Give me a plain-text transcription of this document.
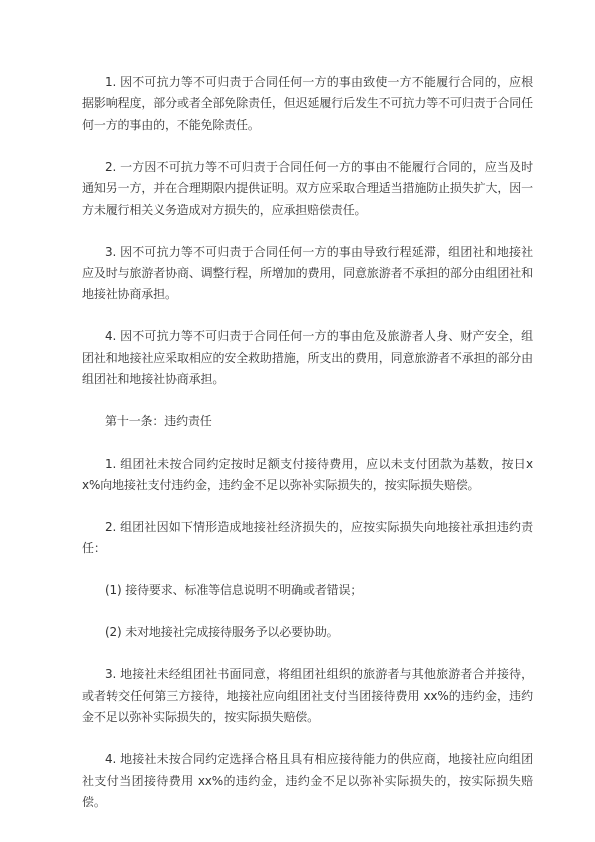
1. 因不可抗力等不可归责于合同任何一方的事由致使一方不能履行合同的，应根据影响程度，部分或者全部免除责任，但迟延履行后发生不可抗力等不可归责于合同任何一方的事由的，不能免除责任。

2. 一方因不可抗力等不可归责于合同任何一方的事由不能履行合同的，应当及时通知另一方，并在合理期限内提供证明。双方应采取合理适当措施防止损失扩大，因一方未履行相关义务造成对方损失的，应承担赔偿责任。

3. 因不可抗力等不可归责于合同任何一方的事由导致行程延滞，组团社和地接社应及时与旅游者协商、调整行程，所增加的费用，同意旅游者不承担的部分由组团社和地接社协商承担。

4. 因不可抗力等不可归责于合同任何一方的事由危及旅游者人身、财产安全，组团社和地接社应采取相应的安全救助措施，所支出的费用，同意旅游者不承担的部分由组团社和地接社协商承担。

第十一条：违约责任

1. 组团社未按合同约定按时足额支付接待费用，应以未支付团款为基数，按日xx%向地接社支付违约金，违约金不足以弥补实际损失的，按实际损失赔偿。

2. 组团社因如下情形造成地接社经济损失的，应按实际损失向地接社承担违约责任：

(1) 接待要求、标准等信息说明不明确或者错误；

(2) 未对地接社完成接待服务予以必要协助。

3. 地接社未经组团社书面同意，将组团社组织的旅游者与其他旅游者合并接待，或者转交任何第三方接待，地接社应向组团社支付当团接待费用 xx%的违约金，违约金不足以弥补实际损失的，按实际损失赔偿。

4. 地接社未按合同约定选择合格且具有相应接待能力的供应商，地接社应向组团社支付当团接待费用 xx%的违约金，违约金不足以弥补实际损失的，按实际损失赔偿。
